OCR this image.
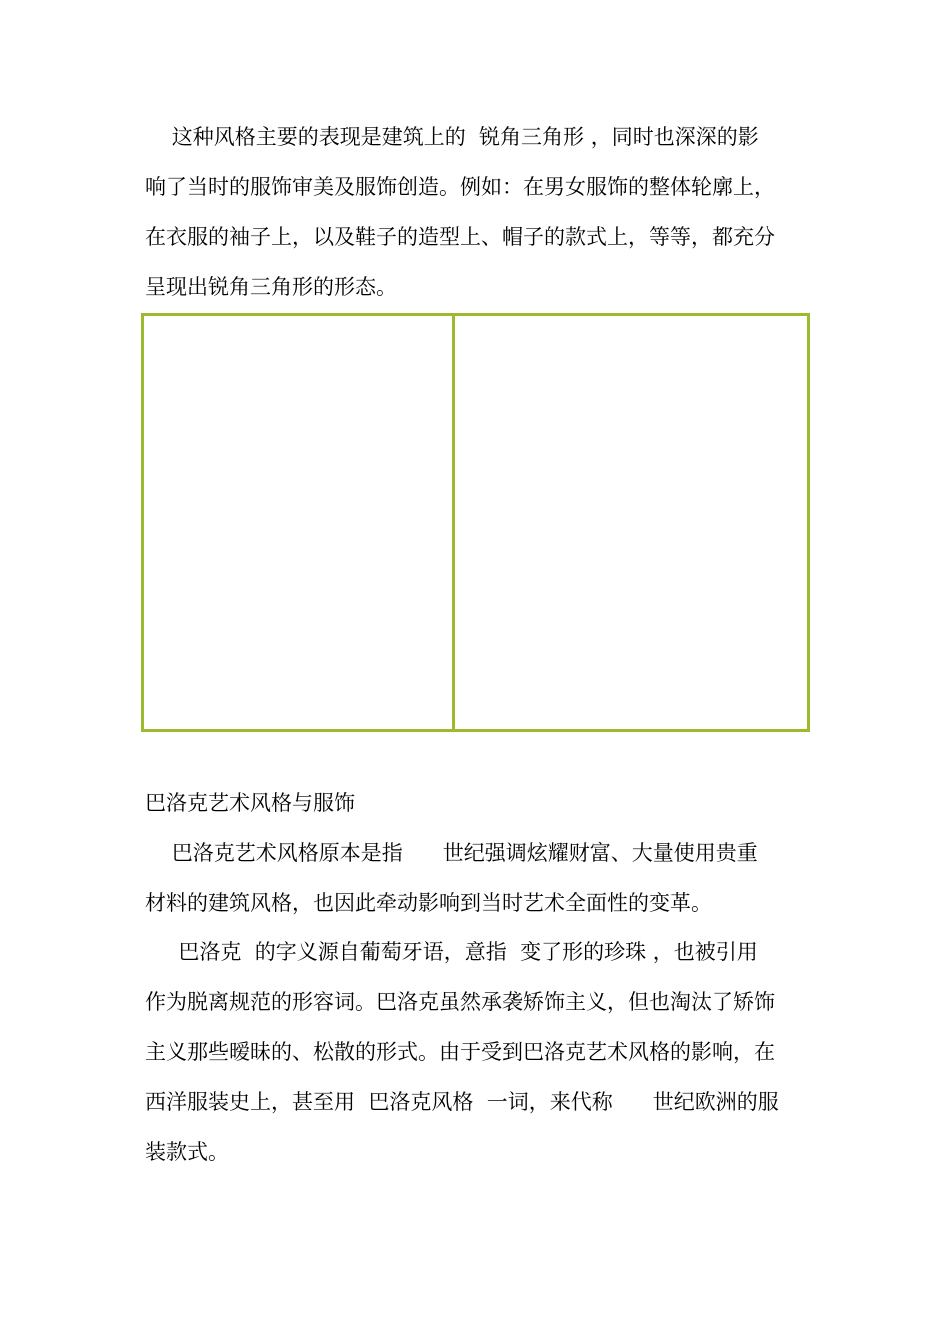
这种风格主要的表现是建筑上的  锐角三角形 ，同时也深深的影

响了当时的服饰审美及服饰创造。例如：在男女服饰的整体轮廓上，

在衣服的袖子上，以及鞋子的造型上、帽子的款式上，等等，都充分

呈现出锐角三角形的形态。

巴洛克艺术风格与服饰

巴洛克艺术风格原本是指      世纪强调炫耀财富、大量使用贵重

材料的建筑风格，也因此牵动影响到当时艺术全面性的变革。

巴洛克  的字义源自葡萄牙语，意指  变了形的珍珠 ，也被引用

作为脱离规范的形容词。巴洛克虽然承袭矫饰主义，但也淘汰了矫饰

主义那些暧昧的、松散的形式。由于受到巴洛克艺术风格的影响，在

西洋服装史上，甚至用  巴洛克风格  一词，来代称      世纪欧洲的服

装款式。
